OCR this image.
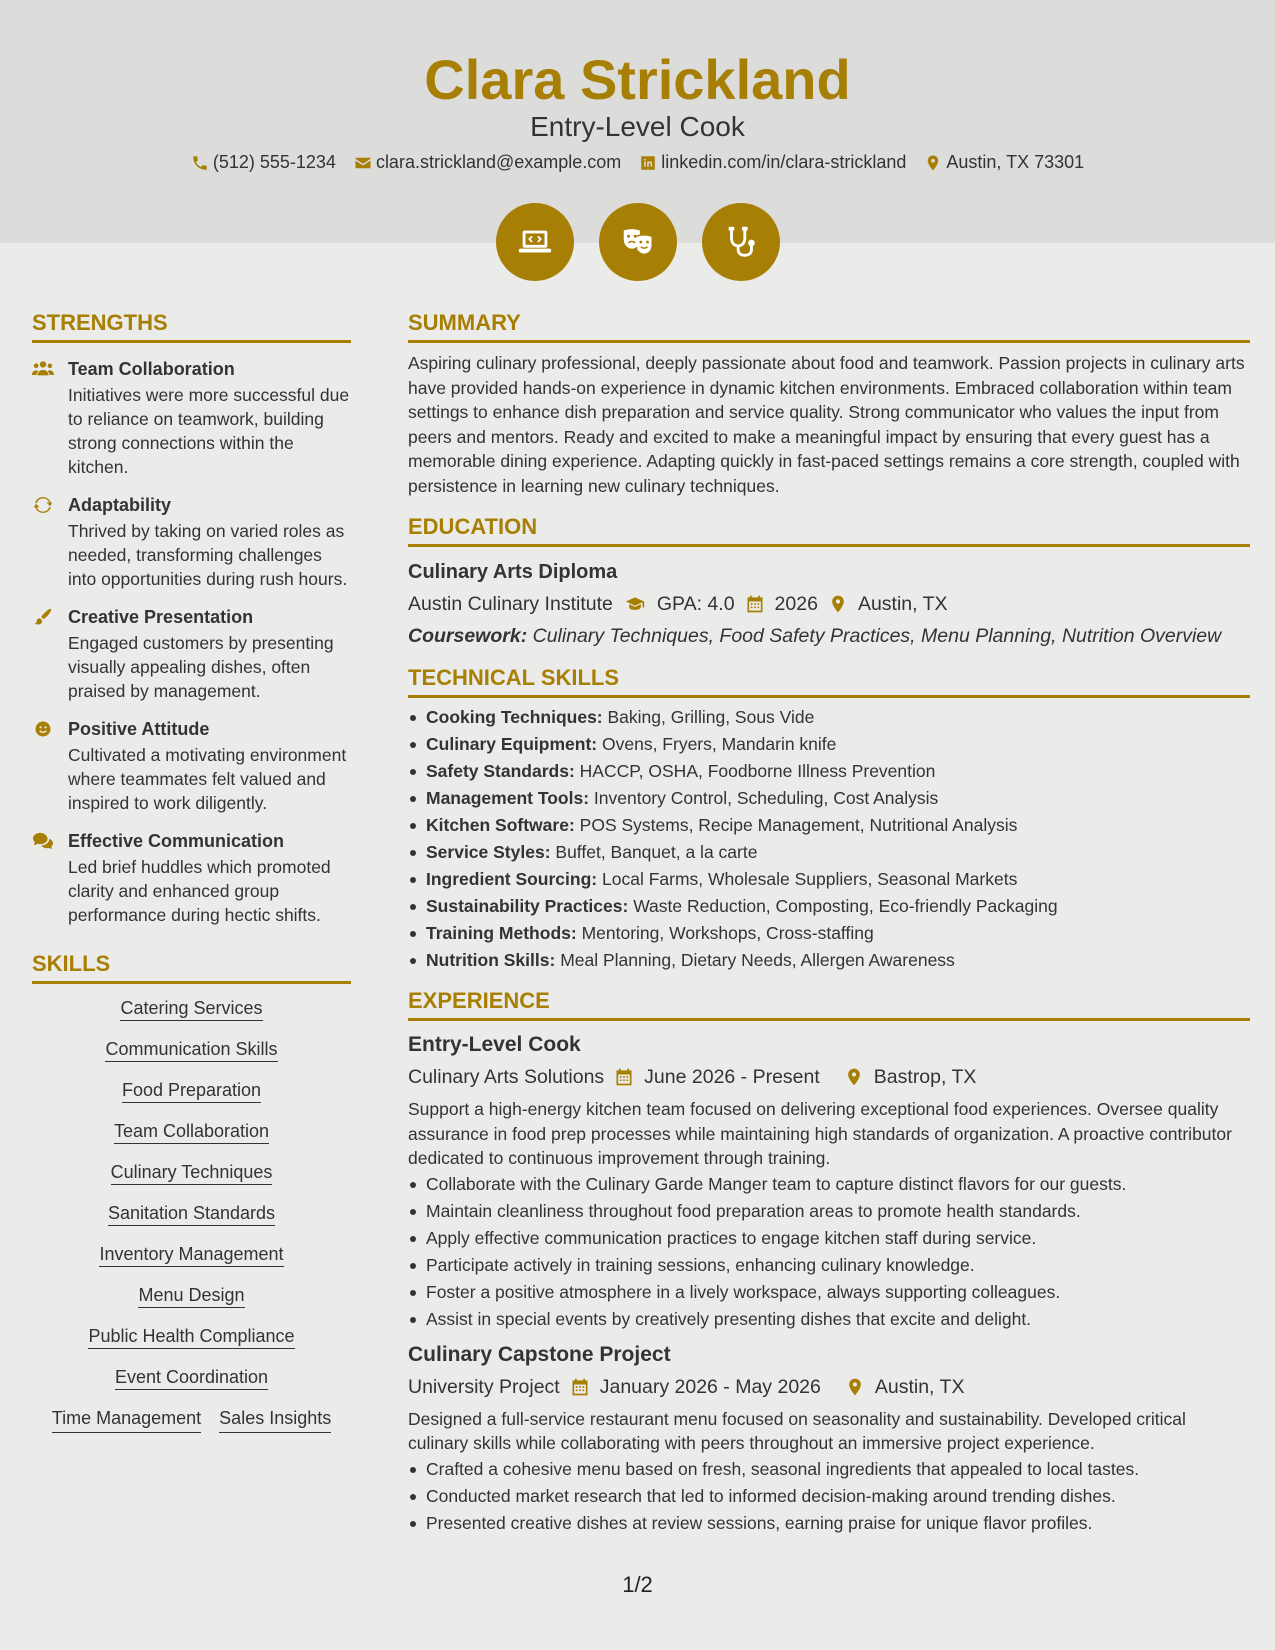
Clara Strickland
Entry-Level Cook
(512) 555-1234 clara.strickland@example.com linkedin.com/in/clara-strickland Austin, TX 73301
STRENGTHS
Team Collaboration
Initiatives were more successful due to reliance on teamwork, building strong connections within the kitchen.
Adaptability
Thrived by taking on varied roles as needed, transforming challenges into opportunities during rush hours.
Creative Presentation
Engaged customers by presenting visually appealing dishes, often praised by management.
Positive Attitude
Cultivated a motivating environment where teammates felt valued and inspired to work diligently.
Effective Communication
Led brief huddles which promoted clarity and enhanced group performance during hectic shifts.
SKILLS
Catering Services
Communication Skills
Food Preparation
Team Collaboration
Culinary Techniques
Sanitation Standards
Inventory Management
Menu Design
Public Health Compliance
Event Coordination
Time Management Sales Insights
SUMMARY
Aspiring culinary professional, deeply passionate about food and teamwork. Passion projects in culinary arts have provided hands-on experience in dynamic kitchen environments. Embraced collaboration within team settings to enhance dish preparation and service quality. Strong communicator who values the input from peers and mentors. Ready and excited to make a meaningful impact by ensuring that every guest has a memorable dining experience. Adapting quickly in fast-paced settings remains a core strength, coupled with persistence in learning new culinary techniques.
EDUCATION
Culinary Arts Diploma
Austin Culinary Institute GPA: 4.0 2026 Austin, TX
Coursework: Culinary Techniques, Food Safety Practices, Menu Planning, Nutrition Overview
TECHNICAL SKILLS
Cooking Techniques: Baking, Grilling, Sous Vide
Culinary Equipment: Ovens, Fryers, Mandarin knife
Safety Standards: HACCP, OSHA, Foodborne Illness Prevention
Management Tools: Inventory Control, Scheduling, Cost Analysis
Kitchen Software: POS Systems, Recipe Management, Nutritional Analysis
Service Styles: Buffet, Banquet, a la carte
Ingredient Sourcing: Local Farms, Wholesale Suppliers, Seasonal Markets
Sustainability Practices: Waste Reduction, Composting, Eco-friendly Packaging
Training Methods: Mentoring, Workshops, Cross-staffing
Nutrition Skills: Meal Planning, Dietary Needs, Allergen Awareness
EXPERIENCE
Entry-Level Cook
Culinary Arts Solutions June 2026 - Present	Bastrop, TX
Support a high-energy kitchen team focused on delivering exceptional food experiences. Oversee quality assurance in food prep processes while maintaining high standards of organization. A proactive contributor dedicated to continuous improvement through training.
Collaborate with the Culinary Garde Manger team to capture distinct flavors for our guests.
Maintain cleanliness throughout food preparation areas to promote health standards.
Apply effective communication practices to engage kitchen staff during service.
Participate actively in training sessions, enhancing culinary knowledge.
Foster a positive atmosphere in a lively workspace, always supporting colleagues.
Assist in special events by creatively presenting dishes that excite and delight.
Culinary Capstone Project
University Project January 2026 - May 2026	Austin, TX
Designed a full-service restaurant menu focused on seasonality and sustainability. Developed critical culinary skills while collaborating with peers throughout an immersive project experience.
Crafted a cohesive menu based on fresh, seasonal ingredients that appealed to local tastes.
Conducted market research that led to informed decision-making around trending dishes.
Presented creative dishes at review sessions, earning praise for unique flavor profiles.
1/2
